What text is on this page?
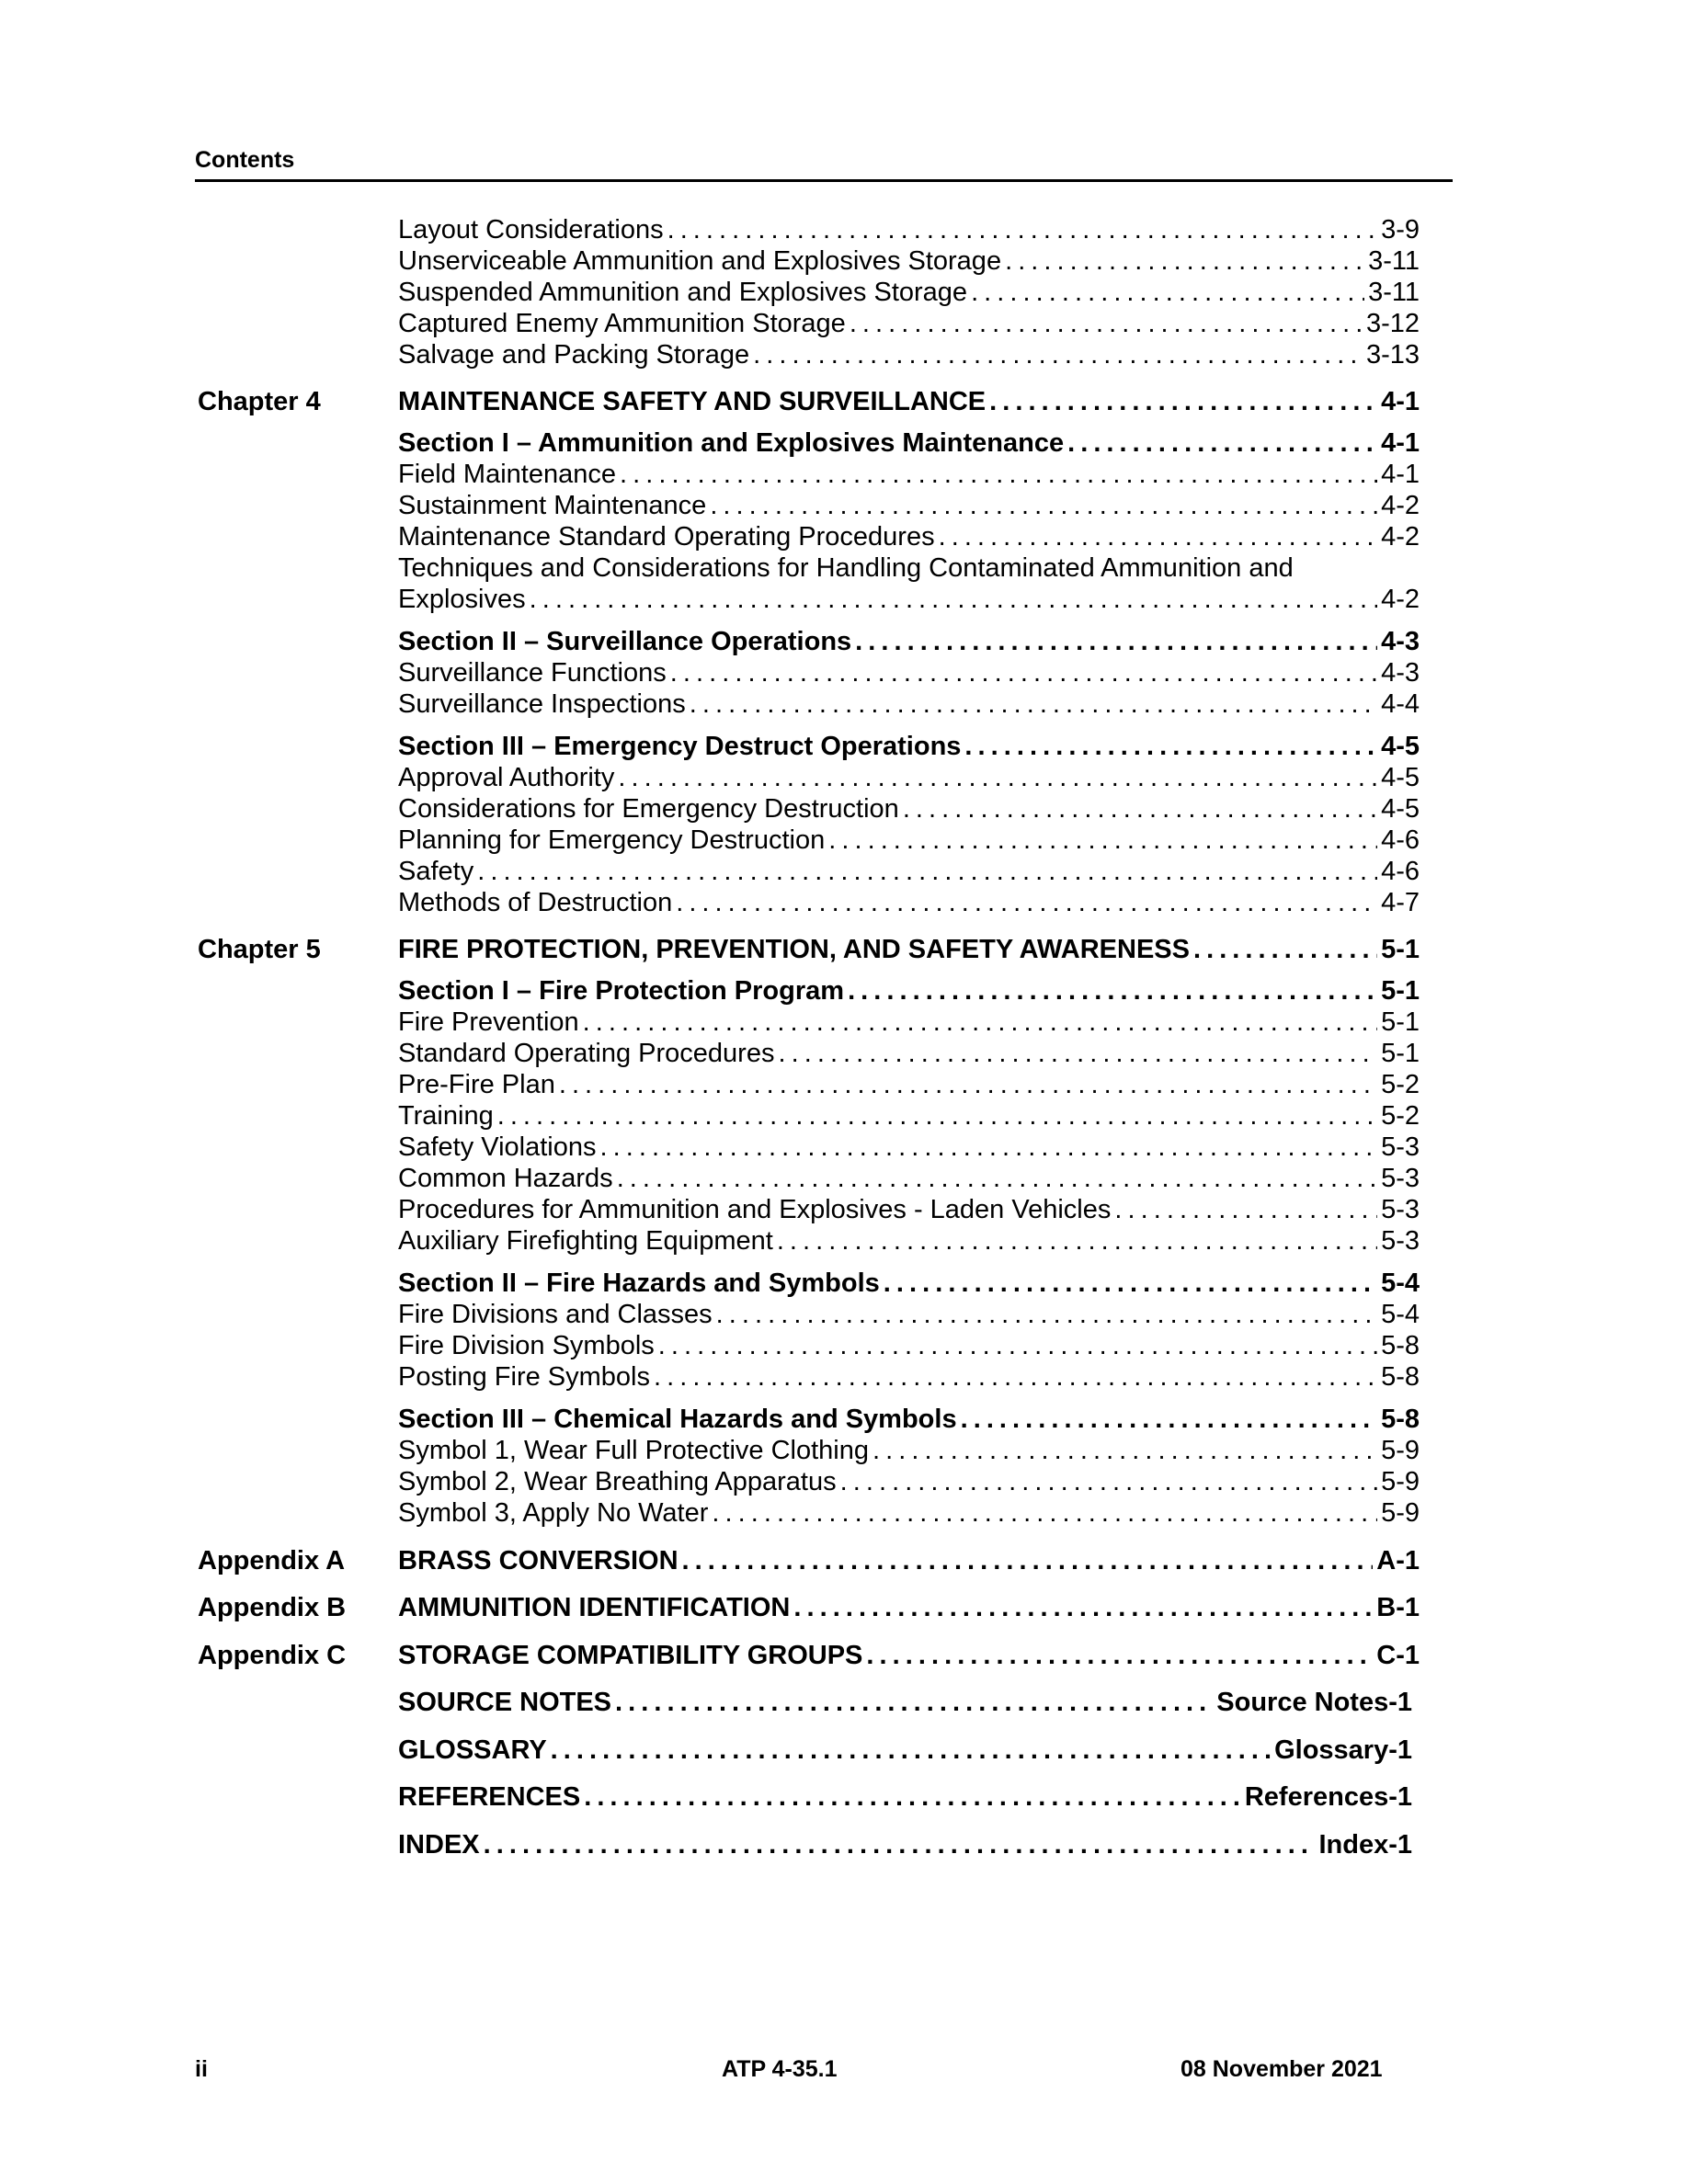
Contents
Layout Considerations . . .	3-9
Unserviceable Ammunition and Explosives Storage . . .	3-11
Suspended Ammunition and Explosives Storage . . .	3-11
Captured Enemy Ammunition Storage . . .	3-12
Salvage and Packing Storage . . .	3-13
Chapter 4	MAINTENANCE SAFETY AND SURVEILLANCE . . .	4-1
Section I – Ammunition and Explosives Maintenance . . .	4-1
Field Maintenance . . .	4-1
Sustainment Maintenance . . .	4-2
Maintenance Standard Operating Procedures . . .	4-2
Techniques and Considerations for Handling Contaminated Ammunition and
Explosives . . .	4-2
Section II – Surveillance Operations . . .	4-3
Surveillance Functions . . .	4-3
Surveillance Inspections . . .	4-4
Section III – Emergency Destruct Operations . . .	4-5
Approval Authority . . .	4-5
Considerations for Emergency Destruction . . .	4-5
Planning for Emergency Destruction . . .	4-6
Safety . . .	4-6
Methods of Destruction . . .	4-7
Chapter 5	FIRE PROTECTION, PREVENTION, AND SAFETY AWARENESS . . .	5-1
Section I – Fire Protection Program . . .	5-1
Fire Prevention . . .	5-1
Standard Operating Procedures . . .	5-1
Pre-Fire Plan . . .	5-2
Training . . .	5-2
Safety Violations . . .	5-3
Common Hazards . . .	5-3
Procedures for Ammunition and Explosives - Laden Vehicles . . .	5-3
Auxiliary Firefighting Equipment . . .	5-3
Section II – Fire Hazards and Symbols . . .	5-4
Fire Divisions and Classes . . .	5-4
Fire Division Symbols . . .	5-8
Posting Fire Symbols . . .	5-8
Section III – Chemical Hazards and Symbols . . .	5-8
Symbol 1, Wear Full Protective Clothing . . .	5-9
Symbol 2, Wear Breathing Apparatus . . .	5-9
Symbol 3, Apply No Water . . .	5-9
Appendix A BRASS CONVERSION . . .	A-1
Appendix B AMMUNITION IDENTIFICATION . . .	B-1
Appendix C STORAGE COMPATIBILITY GROUPS . . .	C-1
SOURCE NOTES . . .	Source Notes-1
GLOSSARY . . .	Glossary-1
REFERENCES . . .	References-1
INDEX . . .	Index-1
ii	ATP 4-35.1	08 November 2021
